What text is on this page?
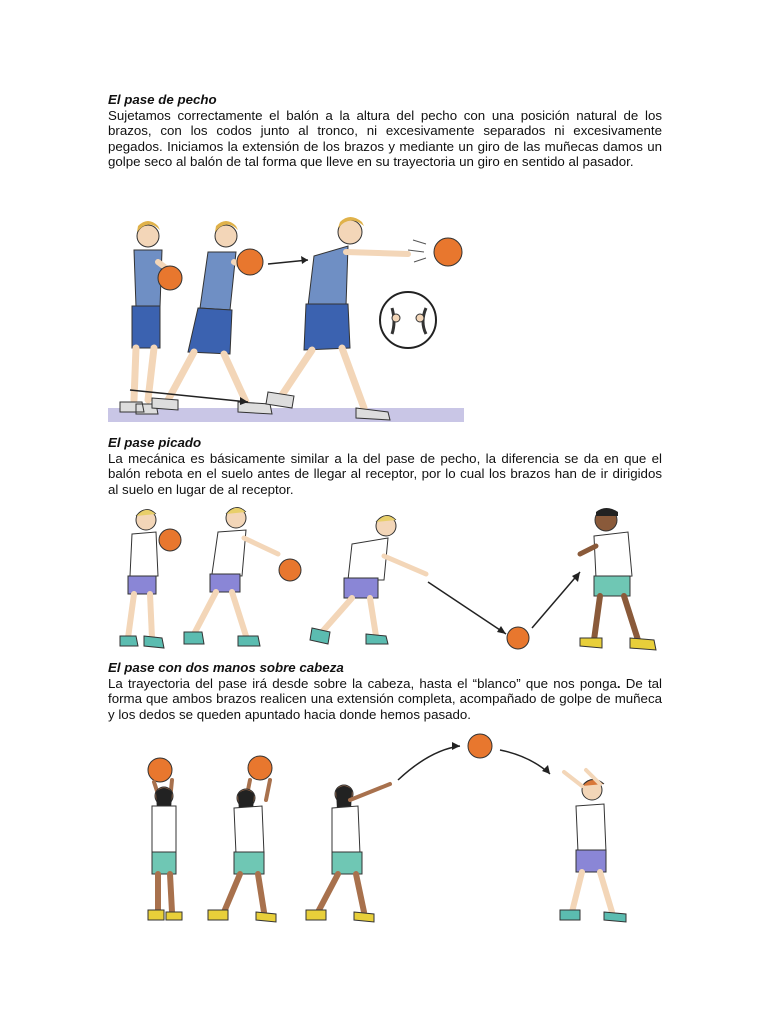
El pase de pecho

Sujetamos correctamente el balón a la altura del pecho con una posición natural de los brazos, con los codos junto al tronco, ni excesivamente separados ni excesivamente pegados. Iniciamos la extensión de los brazos y mediante un giro de las muñecas damos un golpe seco al balón de tal forma que lleve en su trayectoria un giro en sentido al pasador.

El pase picado

La mecánica es básicamente similar a la del pase de pecho, la diferencia se da en que el balón rebota en el suelo antes de llegar al receptor, por lo cual los brazos han de ir dirigidos al suelo en lugar de al receptor.

El pase con dos manos sobre cabeza

La trayectoria del pase irá desde sobre la cabeza, hasta el “blanco” que nos ponga. De tal forma que ambos brazos realicen una extensión completa, acompañado de golpe de muñeca y los dedos se queden apuntado hacia donde hemos pasado.
